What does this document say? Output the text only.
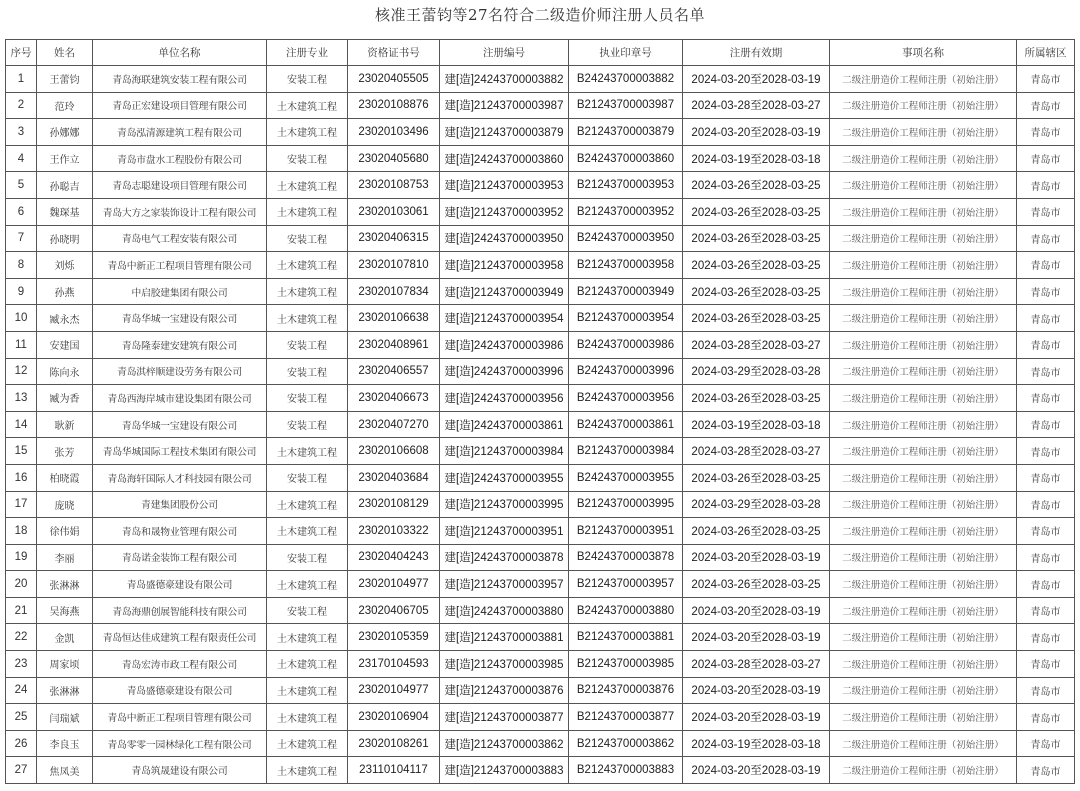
核准王蕾钧等27名符合二级造价师注册人员名单
序号	姓名	单位名称	注册专业	资格证书号	注册编号	执业印章号	注册有效期	事项名称	所属辖区
1	王蕾钧	青岛海联建筑安装工程有限公司	安装工程	23020405505	建[造]24243700003882	B24243700003882	2024-03-20至2028-03-19	二级注册造价工程师注册（初始注册）	青岛市
2	范玲	青岛正宏建设项目管理有限公司	土木建筑工程	23020108876	建[造]21243700003987	B21243700003987	2024-03-28至2028-03-27	二级注册造价工程师注册（初始注册）	青岛市
3	孙娜娜	青岛泓清源建筑工程有限公司	土木建筑工程	23020103496	建[造]21243700003879	B21243700003879	2024-03-20至2028-03-19	二级注册造价工程师注册（初始注册）	青岛市
4	王作立	青岛市盘水工程股份有限公司	安装工程	23020405680	建[造]24243700003860	B24243700003860	2024-03-19至2028-03-18	二级注册造价工程师注册（初始注册）	青岛市
5	孙聪吉	青岛志聪建设项目管理有限公司	土木建筑工程	23020108753	建[造]21243700003953	B21243700003953	2024-03-26至2028-03-25	二级注册造价工程师注册（初始注册）	青岛市
6	魏琛基	青岛大方之家装饰设计工程有限公司	土木建筑工程	23020103061	建[造]21243700003952	B21243700003952	2024-03-26至2028-03-25	二级注册造价工程师注册（初始注册）	青岛市
7	孙晓明	青岛电气工程安装有限公司	安装工程	23020406315	建[造]24243700003950	B24243700003950	2024-03-26至2028-03-25	二级注册造价工程师注册（初始注册）	青岛市
8	刘烁	青岛中新正工程项目管理有限公司	土木建筑工程	23020107810	建[造]21243700003958	B21243700003958	2024-03-26至2028-03-25	二级注册造价工程师注册（初始注册）	青岛市
9	孙燕	中启胶建集团有限公司	土木建筑工程	23020107834	建[造]21243700003949	B21243700003949	2024-03-26至2028-03-25	二级注册造价工程师注册（初始注册）	青岛市
10	臧永杰	青岛华城一宝建设有限公司	土木建筑工程	23020106638	建[造]21243700003954	B21243700003954	2024-03-26至2028-03-25	二级注册造价工程师注册（初始注册）	青岛市
11	安建国	青岛隆泰建安建筑有限公司	安装工程	23020408961	建[造]24243700003986	B24243700003986	2024-03-28至2028-03-27	二级注册造价工程师注册（初始注册）	青岛市
12	陈向永	青岛淇梓顺建设劳务有限公司	安装工程	23020406557	建[造]24243700003996	B24243700003996	2024-03-29至2028-03-28	二级注册造价工程师注册（初始注册）	青岛市
13	臧为香	青岛西海岸城市建设集团有限公司	安装工程	23020406673	建[造]24243700003956	B24243700003956	2024-03-26至2028-03-25	二级注册造价工程师注册（初始注册）	青岛市
14	耿新	青岛华城一宝建设有限公司	安装工程	23020407270	建[造]24243700003861	B24243700003861	2024-03-19至2028-03-18	二级注册造价工程师注册（初始注册）	青岛市
15	张芳	青岛华城国际工程技术集团有限公司	土木建筑工程	23020106608	建[造]21243700003984	B21243700003984	2024-03-28至2028-03-27	二级注册造价工程师注册（初始注册）	青岛市
16	柏晓霞	青岛海轩国际人才科技园有限公司	安装工程	23020403684	建[造]24243700003955	B24243700003955	2024-03-26至2028-03-25	二级注册造价工程师注册（初始注册）	青岛市
17	庞晓	青建集团股份公司	土木建筑工程	23020108129	建[造]21243700003995	B21243700003995	2024-03-29至2028-03-28	二级注册造价工程师注册（初始注册）	青岛市
18	徐伟娟	青岛和晟物业管理有限公司	土木建筑工程	23020103322	建[造]21243700003951	B21243700003951	2024-03-26至2028-03-25	二级注册造价工程师注册（初始注册）	青岛市
19	李丽	青岛诺金装饰工程有限公司	安装工程	23020404243	建[造]24243700003878	B24243700003878	2024-03-20至2028-03-19	二级注册造价工程师注册（初始注册）	青岛市
20	张淋淋	青岛盛德豪建设有限公司	土木建筑工程	23020104977	建[造]21243700003957	B21243700003957	2024-03-26至2028-03-25	二级注册造价工程师注册（初始注册）	青岛市
21	吴海燕	青岛海鼎创展智能科技有限公司	安装工程	23020406705	建[造]24243700003880	B24243700003880	2024-03-20至2028-03-19	二级注册造价工程师注册（初始注册）	青岛市
22	金凯	青岛恒达佳成建筑工程有限责任公司	土木建筑工程	23020105359	建[造]21243700003881	B21243700003881	2024-03-20至2028-03-19	二级注册造价工程师注册（初始注册）	青岛市
23	周家顷	青岛宏涛市政工程有限公司	土木建筑工程	23170104593	建[造]21243700003985	B21243700003985	2024-03-28至2028-03-27	二级注册造价工程师注册（初始注册）	青岛市
24	张淋淋	青岛盛德豪建设有限公司	土木建筑工程	23020104977	建[造]21243700003876	B21243700003876	2024-03-20至2028-03-19	二级注册造价工程师注册（初始注册）	青岛市
25	闫瑞斌	青岛中新正工程项目管理有限公司	土木建筑工程	23020106904	建[造]21243700003877	B21243700003877	2024-03-20至2028-03-19	二级注册造价工程师注册（初始注册）	青岛市
26	李良玉	青岛零零一园林绿化工程有限公司	土木建筑工程	23020108261	建[造]21243700003862	B21243700003862	2024-03-19至2028-03-18	二级注册造价工程师注册（初始注册）	青岛市
27	焦凤美	青岛筑晟建设有限公司	土木建筑工程	23110104117	建[造]21243700003883	B21243700003883	2024-03-20至2028-03-19	二级注册造价工程师注册（初始注册）	青岛市
